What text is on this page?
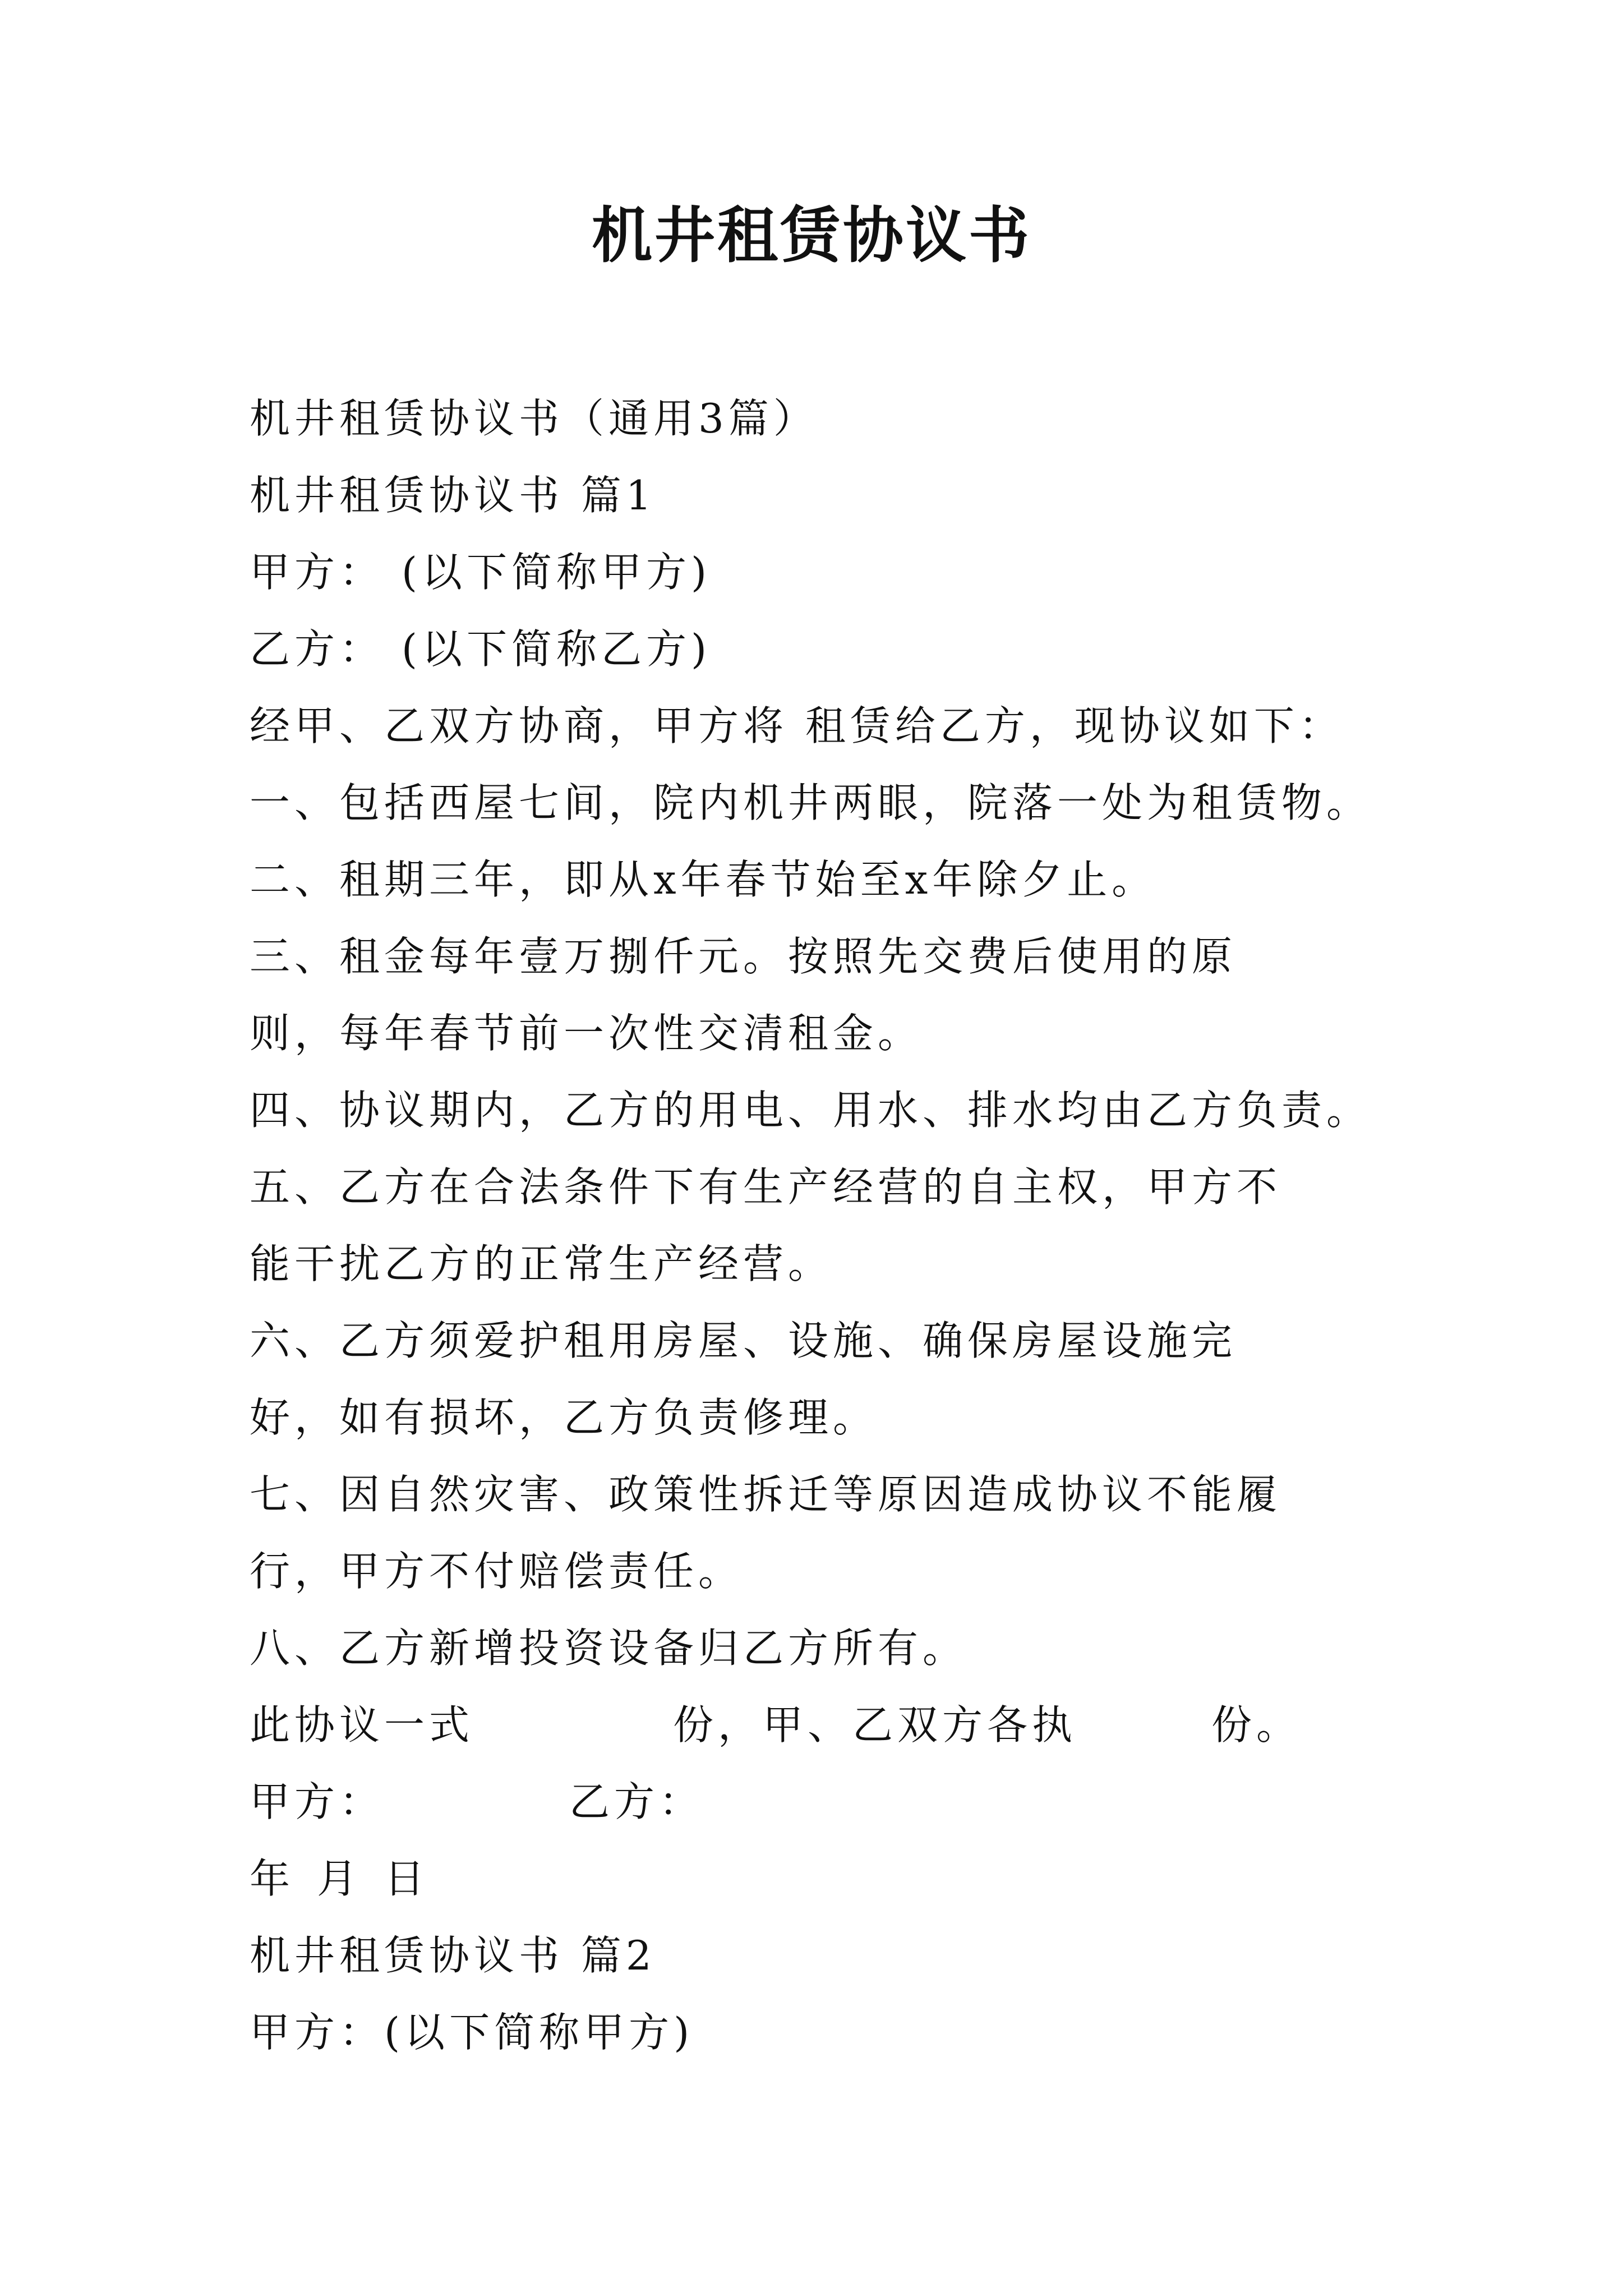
机井租赁协议书

机井租赁协议书（通用3篇）

机井租赁协议书 篇1

甲方： (以下简称甲方)

乙方： (以下简称乙方)

经甲、乙双方协商，甲方将 租赁给乙方，现协议如下：

一、包括西屋七间，院内机井两眼，院落一处为租赁物。

二、租期三年，即从x年春节始至x年除夕止。

三、租金每年壹万捌仟元。按照先交费后使用的原则，每年春节前一次性交清租金。

四、协议期内，乙方的用电、用水、排水均由乙方负责。

五、乙方在合法条件下有生产经营的自主权，甲方不能干扰乙方的正常生产经营。

六、乙方须爱护租用房屋、设施、确保房屋设施完好，如有损坏，乙方负责修理。

七、因自然灾害、政策性拆迁等原因造成协议不能履行，甲方不付赔偿责任。

八、乙方新增投资设备归乙方所有。

此协议一式	份，甲、乙双方各执	份。

甲方：	乙方：

年 月 日

机井租赁协议书 篇2

甲方：(以下简称甲方)
